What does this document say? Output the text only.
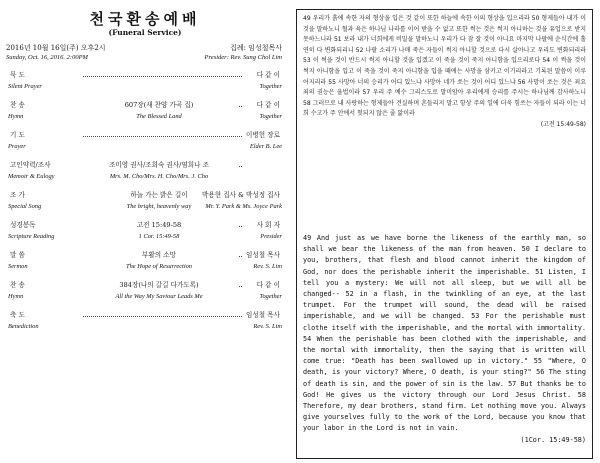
천국환송예배
(Funeral Service)
2016년 10월 16일(주) 오후2시
Sunday, Oct. 16, 2016. 2:00PM
집례: 임성철목사
Presider: Rev. Sung Chol Lim
묵 도	다 같 이
Silent Prayer	Together
찬 송	607장(새 찬양 가곡 집)	다 같 이
Hymn	The Blessed Land	Together
기 도	이병헌 장로
Prayer	Elder B. Lee
고인약력/조사	조미영 권사/조희숙 권사/염희나 조
Memoir & Eulogy	Mrs. M. Cho/Mrs. H. Cho/Mrs. J. Cho
조 가	하늘 가는 밝은 길이	박용현 집사 & 박성정 집사
Special Song	The bright, heavenly way	Mr. Y. Park & Ms. Joyce Park
성경봉독	고전 15:49-58	사 회 자
Scripture Reading	1 Cor. 15:49-58	Presider
말 씀	부활의 소망	임성철 목사
Sermon	The Hope of Resurrection	Rev. S. Lim
찬 송	384장(나의 갈길 다가도록)	다 같 이
Hymn	All the Way My Saviour Leads Me	Together
축 도	임성철 목사
Benediction	Rev. S. Lim
49 우리가 흙에 속한 자의 형상을 입은 것 같이 또한 하늘에 속한 이의 형상을 입으리라 50 형제들아 내가 이것을 말하노니 혈과 육은 하나님 나라를 이어 받을 수 없고 또한 썩는 것은 썩지 아니하는 것을 유업으로 받지 못하느니라 51 보라 내가 너희에게 비밀을 말하노니 우리가 다 잠 잘 것이 아니요 마지막 나팔에 순식간에 홀연히 다 변화되리니 52 나팔 소리가 나매 죽은 자들이 썩지 아니할 것으로 다시 살아나고 우리도 변화되리라 53 이 썩을 것이 반드시 썩지 아니할 것을 입겠고 이 죽을 것이 죽지 아니함을 입으리로다 54 이 썩을 것이 썩지 아니함을 입고 이 죽을 것이 죽지 아니함을 입을 때에는 사망을 삼키고 이기리라고 기록된 말씀이 이루어지리라 55 사망아 너의 승리가 어디 있느냐 사망아 네가 쏘는 것이 어디 있느냐 56 사망이 쏘는 것은 죄요 죄의 권능은 율법이라 57 우리 주 예수 그리스도로 말미암아 우리에게 승리를 주시는 하나님께 감사하노니 58 그러므로 내 사랑하는 형제들아 견실하며 흔들리지 말고 항상 주의 일에 더욱 힘쓰는 자들이 되라 이는 너희 수고가 주 안에서 헛되지 않은 줄 앎이라
(고전 15:49-58)
49 And just as we have borne the likeness of the earthly man, so shall we bear the likeness of the man from heaven. 50 I declare to you, brothers, that flesh and blood cannot inherit the kingdom of God, nor does the perishable inherit the imperishable. 51 Listen, I tell you a mystery: We will not all sleep, but we will all be changed-- 52 in a flash, in the twinkling of an eye, at the last trumpet. For the trumpet will sound, the dead will be raised imperishable, and we will be changed. 53 For the perishable must clothe itself with the imperishable, and the mortal with immortality. 54 When the perishable has been clothed with the imperishable, and the mortal with immortality, then the saying that is written will come true: "Death has been swallowed up in victory." 55 "Where, O death, is your victory? Where, O death, is your sting?" 56 The sting of death is sin, and the power of sin is the law. 57 But thanks be to God! He gives us the victory through our Lord Jesus Christ. 58 Therefore, my dear brothers, stand firm. Let nothing move you. Always give yourselves fully to the work of the Lord, because you know that your labor in the Lord is not in vain.
(1Cor. 15:49-58)
